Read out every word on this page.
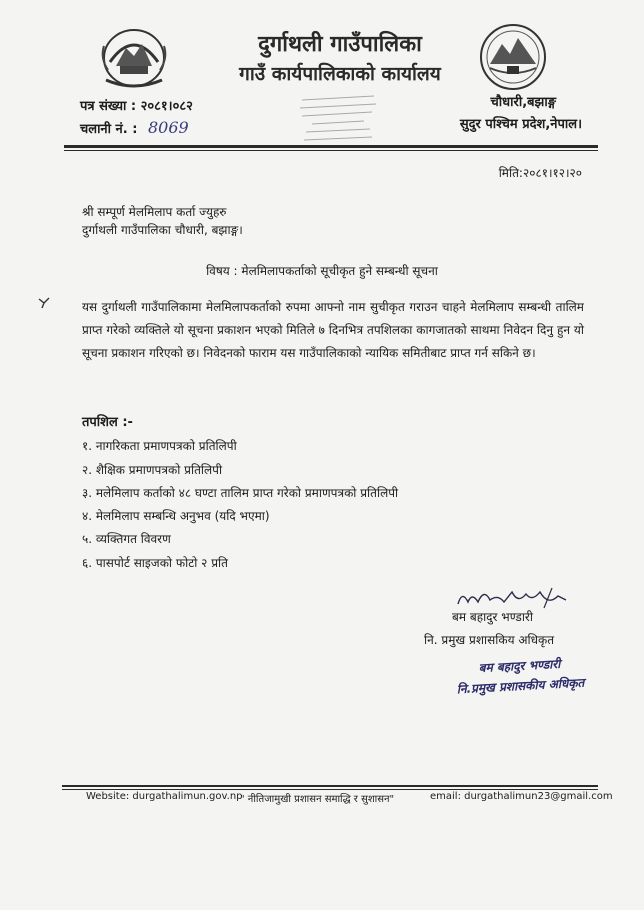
दुर्गाथली गाउँपालिका
गाउँ कार्यपालिकाको कार्यालय
पत्र संख्या : २०८१।०८२
चलानी नं. : 8069
चौधारी,बझाङ्ग
सुदुर पश्चिम प्रदेश,नेपाल।
मिति:२०८१।१२।२०
श्री सम्पूर्ण मेलमिलाप कर्ता ज्युहरु
दुर्गाथली गाउँपालिका चौधारी, बझाङ्ग।
विषय : मेलमिलापकर्ताको सूचीकृत हुने सम्बन्धी सूचना
यस दुर्गाथली गाउँपालिकामा मेलमिलापकर्ताको रुपमा आफ्नो नाम सुचीकृत गराउन चाहने मेलमिलाप सम्बन्धी तालिम प्राप्त गरेको व्यक्तिले यो सूचना प्रकाशन भएको मितिले ७ दिनभित्र तपशिलका कागजातको साथमा निवेदन दिनु हुन यो सूचना प्रकाशन गरिएको छ। निवेदनको फाराम यस गाउँपालिकाको न्यायिक समितीबाट प्राप्त गर्न सकिने छ।
तपशिल :-
१. नागरिकता प्रमाणपत्रको प्रतिलिपी
२. शैक्षिक प्रमाणपत्रको प्रतिलिपी
३. मलेमिलाप कर्ताको ४८ घण्टा तालिम प्राप्त गरेको प्रमाणपत्रको प्रतिलिपी
४. मेलमिलाप सम्बन्धि अनुभव (यदि भएमा)
५. व्यक्तिगत विवरण
६. पासपोर्ट साइजको फोटो २ प्रति
बम बहादुर भण्डारी
नि. प्रमुख प्रशासकिय अधिकृत
बम बहादुर भण्डारी
नि.प्रमुख प्रशासकीय अधिकृत
Website: durgathalimun.gov.np
" नीतिजामुखी प्रशासन समाद्धि र सुशासन"	email: durgathalimun23@gmail.com
